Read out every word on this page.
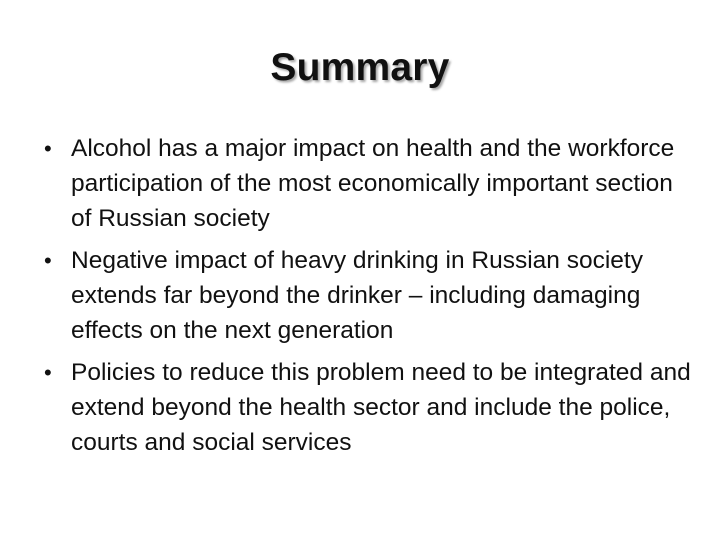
Summary
• Alcohol has a major impact on health and the workforce participation of the most economically important section of Russian society
• Negative impact of heavy drinking in Russian society extends far beyond the drinker – including damaging effects on the next generation
• Policies to reduce this problem need to be integrated and extend beyond the health sector and include the police, courts and social services
